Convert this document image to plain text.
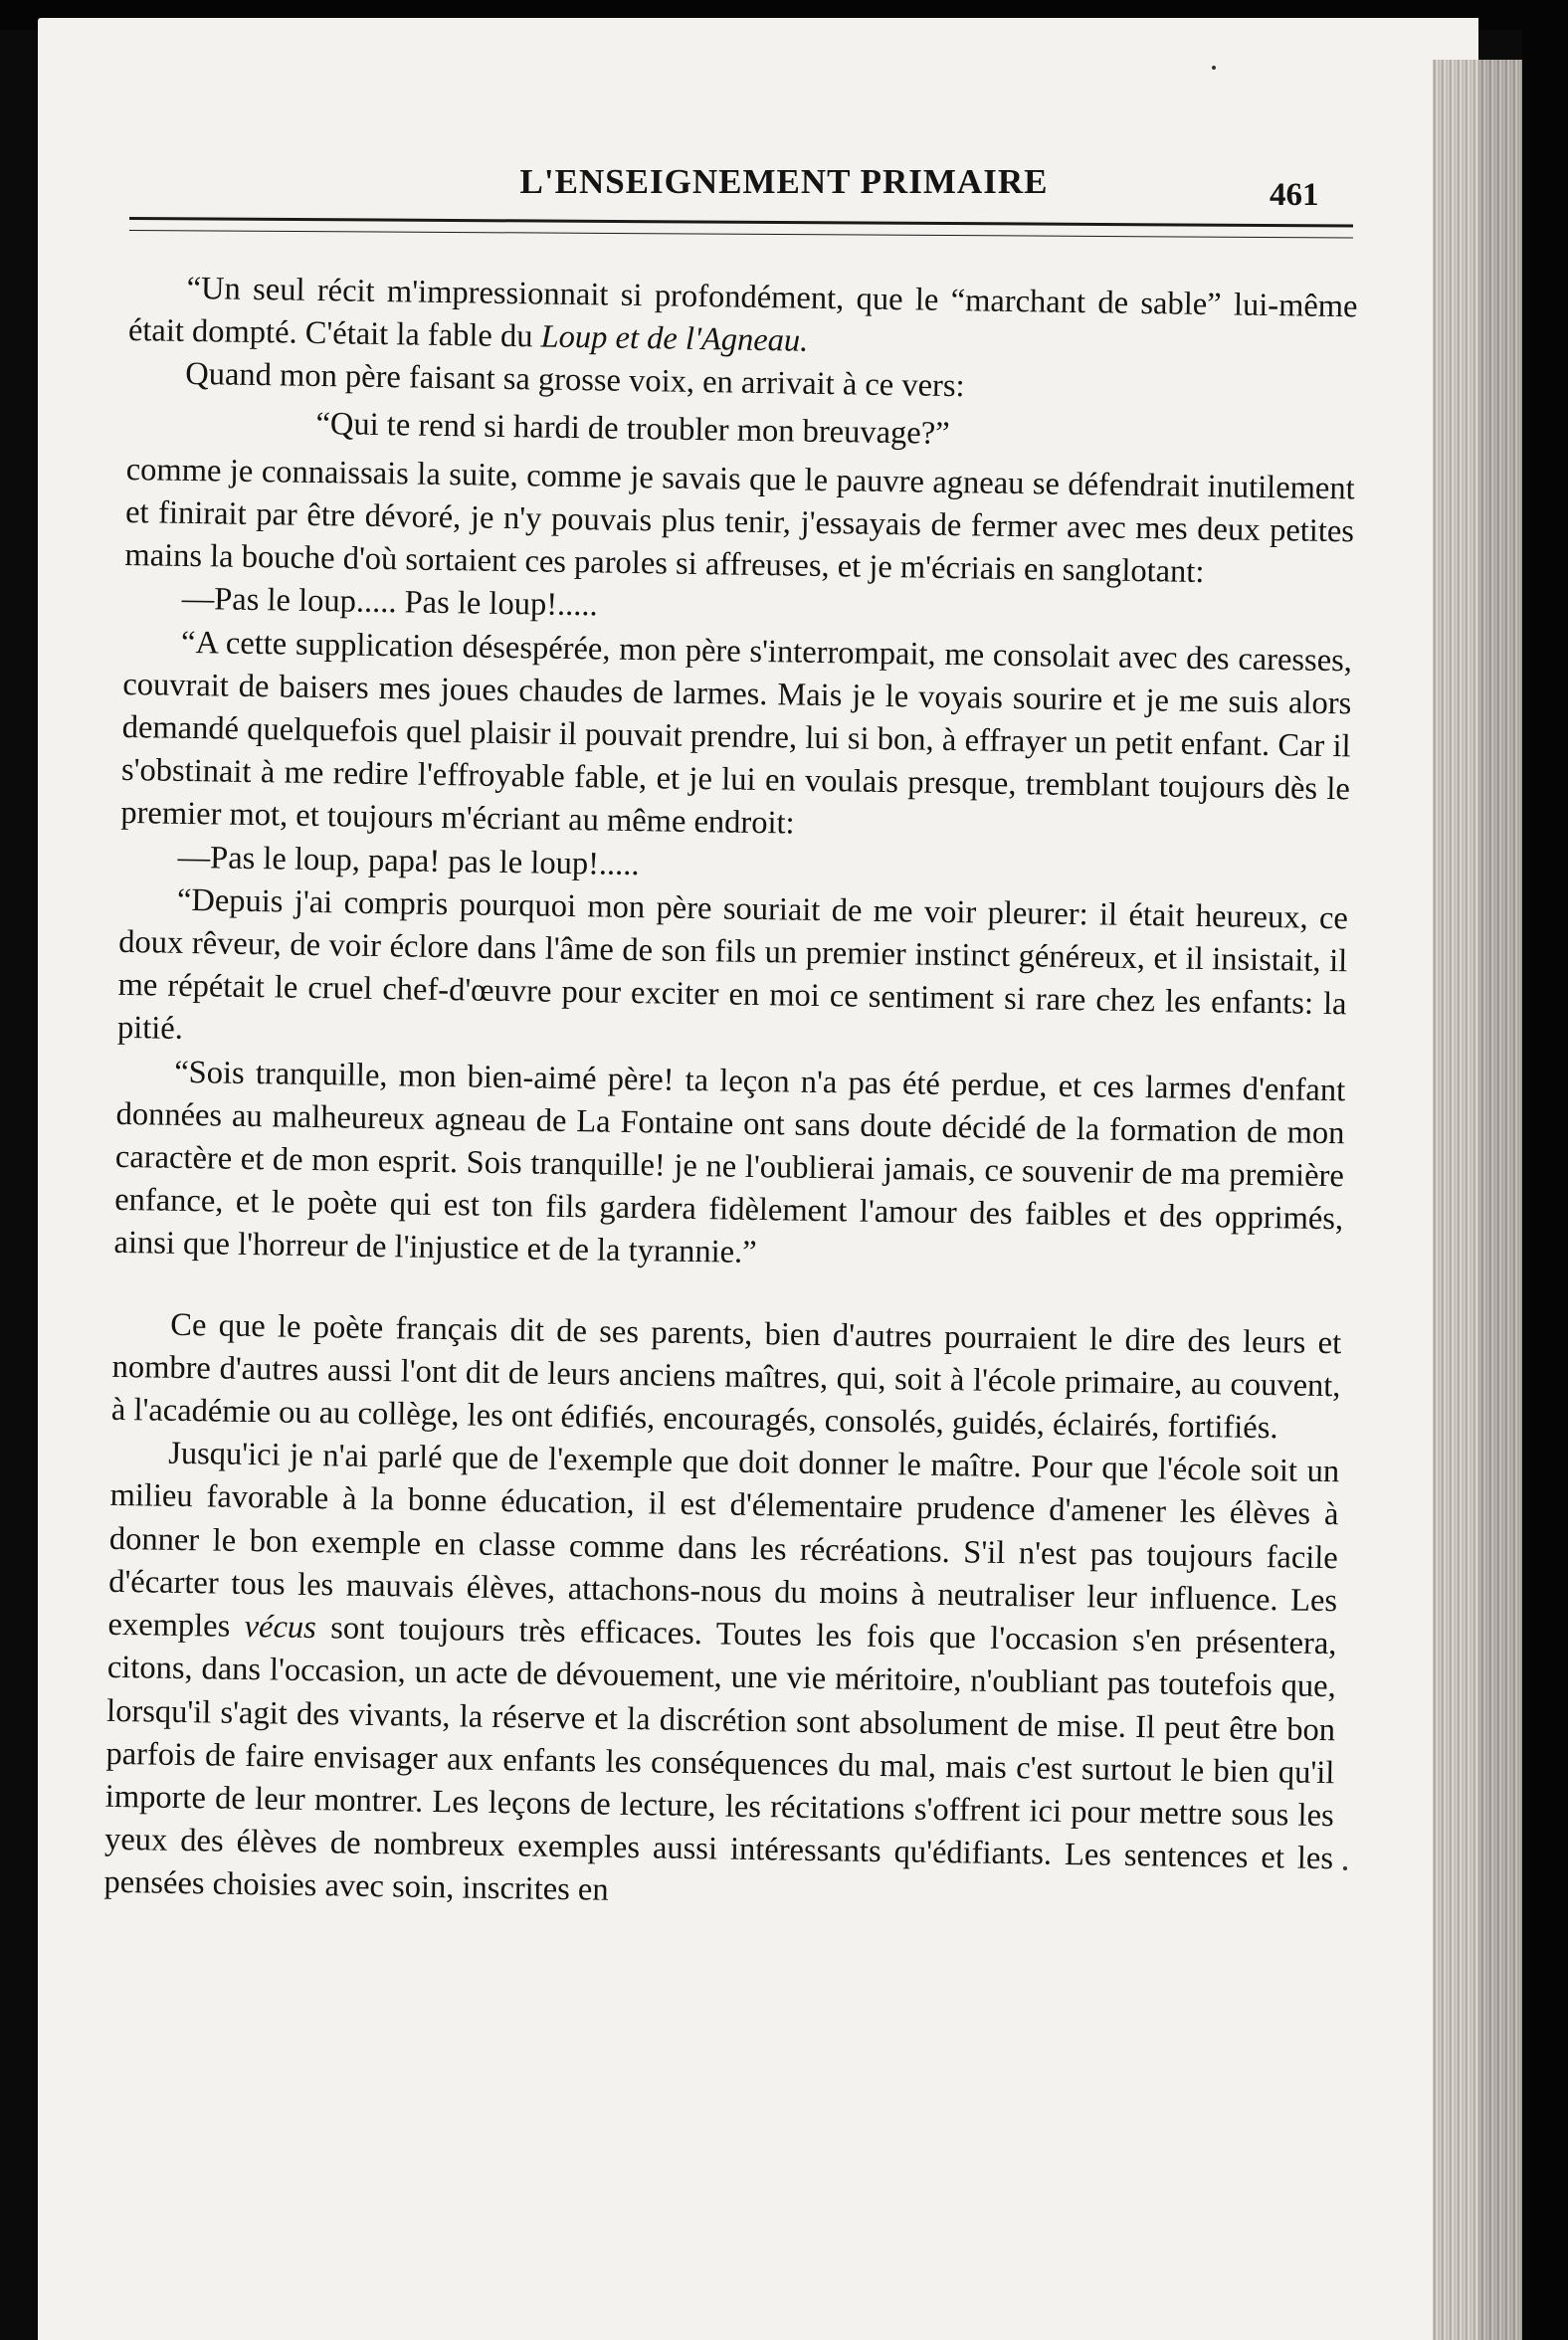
L'ENSEIGNEMENT PRIMAIRE	461

“Un seul récit m'impressionnait si profondément, que le “marchant de sable” lui-même était dompté. C'était la fable du Loup et de l'Agneau.

Quand mon père faisant sa grosse voix, en arrivait à ce vers:

“Qui te rend si hardi de troubler mon breuvage?”

comme je connaissais la suite, comme je savais que le pauvre agneau se défendrait inutilement et finirait par être dévoré, je n'y pouvais plus tenir, j'essayais de fermer avec mes deux petites mains la bouche d'où sortaient ces paroles si affreuses, et je m'écriais en sanglotant:

—Pas le loup..... Pas le loup!.....

“A cette supplication désespérée, mon père s'interrompait, me consolait avec des caresses, couvrait de baisers mes joues chaudes de larmes. Mais je le voyais sourire et je me suis alors demandé quelquefois quel plaisir il pouvait prendre, lui si bon, à effrayer un petit enfant. Car il s'obstinait à me redire l'effroyable fable, et je lui en voulais presque, tremblant toujours dès le premier mot, et toujours m'écriant au même endroit:

—Pas le loup, papa! pas le loup!.....

“Depuis j'ai compris pourquoi mon père souriait de me voir pleurer: il était heureux, ce doux rêveur, de voir éclore dans l'âme de son fils un premier instinct généreux, et il insistait, il me répétait le cruel chef-d'œuvre pour exciter en moi ce sentiment si rare chez les enfants: la pitié.

“Sois tranquille, mon bien-aimé père! ta leçon n'a pas été perdue, et ces larmes d'enfant données au malheureux agneau de La Fontaine ont sans doute décidé de la formation de mon caractère et de mon esprit. Sois tranquille! je ne l'oublierai jamais, ce souvenir de ma première enfance, et le poète qui est ton fils gardera fidèlement l'amour des faibles et des opprimés, ainsi que l'horreur de l'injustice et de la tyrannie.”

Ce que le poète français dit de ses parents, bien d'autres pourraient le dire des leurs et nombre d'autres aussi l'ont dit de leurs anciens maîtres, qui, soit à l'école primaire, au couvent, à l'académie ou au collège, les ont édifiés, encouragés, consolés, guidés, éclairés, fortifiés.

Jusqu'ici je n'ai parlé que de l'exemple que doit donner le maître. Pour que l'école soit un milieu favorable à la bonne éducation, il est d'élementaire prudence d'amener les élèves à donner le bon exemple en classe comme dans les récréations. S'il n'est pas toujours facile d'écarter tous les mauvais élèves, attachons-nous du moins à neutraliser leur influence. Les exemples vécus sont toujours très efficaces. Toutes les fois que l'occasion s'en présentera, citons, dans l'occasion, un acte de dévouement, une vie méritoire, n'oubliant pas toutefois que, lorsqu'il s'agit des vivants, la réserve et la discrétion sont absolument de mise. Il peut être bon parfois de faire envisager aux enfants les conséquences du mal, mais c'est surtout le bien qu'il importe de leur montrer. Les leçons de lecture, les récitations s'offrent ici pour mettre sous les yeux des élèves de nombreux exemples aussi intéressants qu'édifiants. Les sentences et les pensées choisies avec soin, inscrites en
